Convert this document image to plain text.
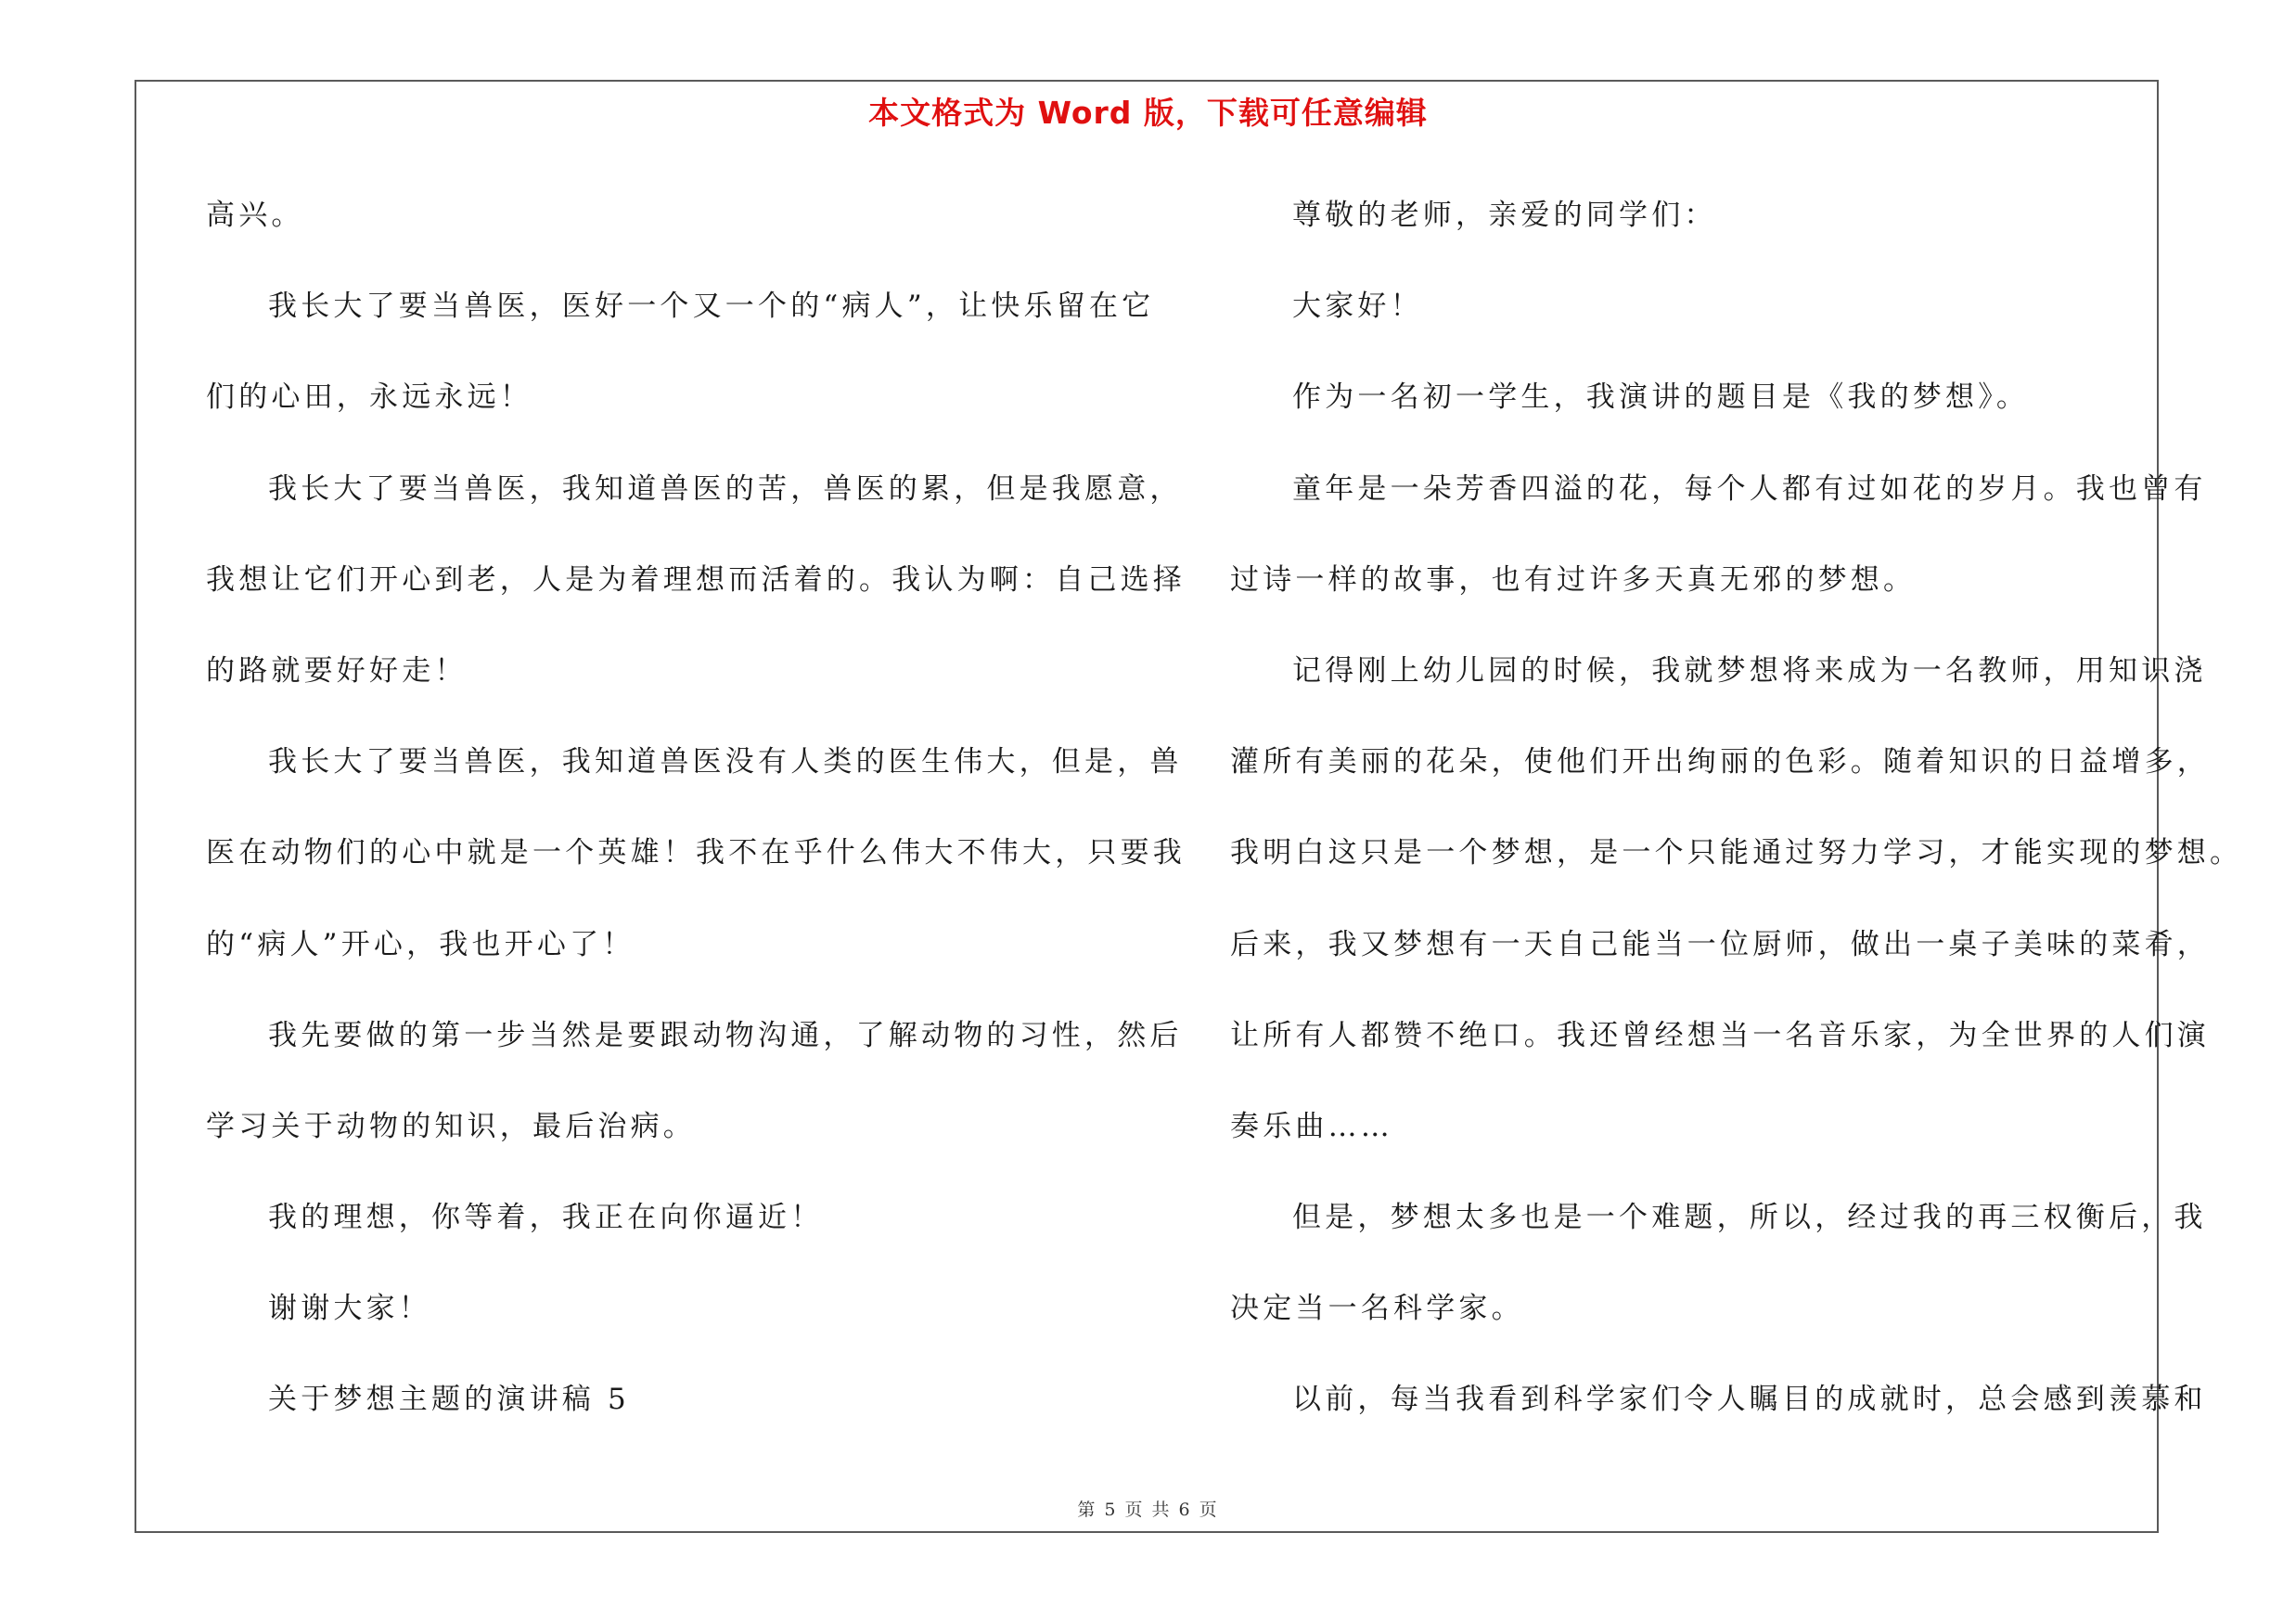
本文格式为 Word 版，下载可任意编辑
高兴。
我长大了要当兽医，医好一个又一个的“病人”，让快乐留在它
们的心田，永远永远！
我长大了要当兽医，我知道兽医的苦，兽医的累，但是我愿意，
我想让它们开心到老，人是为着理想而活着的。我认为啊：自己选择
的路就要好好走！
我长大了要当兽医，我知道兽医没有人类的医生伟大，但是，兽
医在动物们的心中就是一个英雄！我不在乎什么伟大不伟大，只要我
的“病人”开心，我也开心了！
我先要做的第一步当然是要跟动物沟通，了解动物的习性，然后
学习关于动物的知识，最后治病。
我的理想，你等着，我正在向你逼近！
谢谢大家！
关于梦想主题的演讲稿 5
尊敬的老师，亲爱的同学们：
大家好！
作为一名初一学生，我演讲的题目是《我的梦想》。
童年是一朵芳香四溢的花，每个人都有过如花的岁月。我也曾有
过诗一样的故事，也有过许多天真无邪的梦想。
记得刚上幼儿园的时候，我就梦想将来成为一名教师，用知识浇
灌所有美丽的花朵，使他们开出绚丽的色彩。随着知识的日益增多，
我明白这只是一个梦想，是一个只能通过努力学习，才能实现的梦想。
后来，我又梦想有一天自己能当一位厨师，做出一桌子美味的菜肴，
让所有人都赞不绝口。我还曾经想当一名音乐家，为全世界的人们演
奏乐曲……
但是，梦想太多也是一个难题，所以，经过我的再三权衡后，我
决定当一名科学家。
以前，每当我看到科学家们令人瞩目的成就时，总会感到羡慕和
第 5 页 共 6 页
